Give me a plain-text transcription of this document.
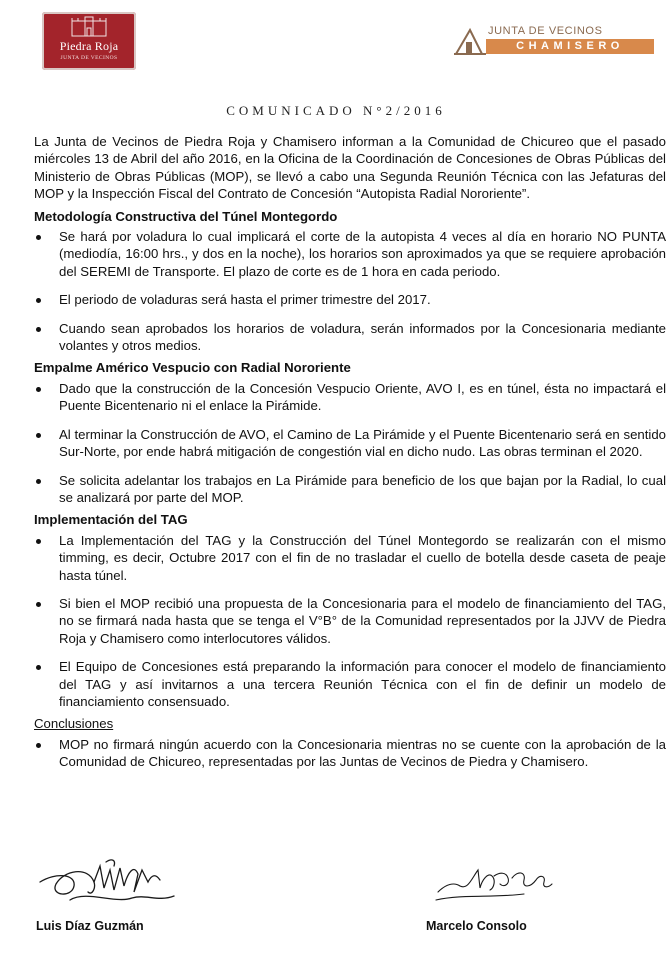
Piedra Roja
JUNTA DE VECINOS
JUNTA DE VECINOS
CHAMISERO
COMUNICADO N°2/2016

La Junta de Vecinos de Piedra Roja y Chamisero informan a la Comunidad de Chicureo que el pasado miércoles 13 de Abril del año 2016, en la Oficina de la Coordinación de Concesiones de Obras Públicas del Ministerio de Obras Públicas (MOP), se llevó a cabo una Segunda Reunión Técnica con las Jefaturas del MOP y la Inspección Fiscal del Contrato de Concesión “Autopista Radial Nororiente”.

Metodología Constructiva del Túnel Montegordo
Se hará por voladura lo cual implicará el corte de la autopista 4 veces al día en horario NO PUNTA (mediodía, 16:00 hrs., y dos en la noche), los horarios son aproximados ya que se requiere aprobación del SEREMI de Transporte. El plazo de corte es de 1 hora en cada periodo.
El periodo de voladuras será hasta el primer trimestre del 2017.
Cuando sean aprobados los horarios de voladura, serán informados por la Concesionaria mediante volantes y otros medios.
Empalme Américo Vespucio con Radial Nororiente
Dado que la construcción de la Concesión Vespucio Oriente, AVO I, es en túnel, ésta no impactará el Puente Bicentenario ni el enlace la Pirámide.
Al terminar la Construcción de AVO, el Camino de La Pirámide y el Puente Bicentenario será en sentido Sur-Norte, por ende habrá mitigación de congestión vial en dicho nudo. Las obras terminan el 2020.
Se solicita adelantar los trabajos en La Pirámide para beneficio de los que bajan por la Radial, lo cual se analizará por parte del MOP.
Implementación del TAG
La Implementación del TAG y la Construcción del Túnel Montegordo se realizarán con el mismo timming, es decir, Octubre 2017 con el fin de no trasladar el cuello de botella desde caseta de peaje hasta túnel.
Si bien el MOP recibió una propuesta de la Concesionaria para el modelo de financiamiento del TAG, no se firmará nada hasta que se tenga el V°B° de la Comunidad representados por la JJVV de Piedra Roja y Chamisero como interlocutores válidos.
El Equipo de Concesiones está preparando la información para conocer el modelo de financiamiento del TAG y así invitarnos a una tercera Reunión Técnica con el fin de definir un modelo de financiamiento consensuado.
Conclusiones
MOP no firmará ningún acuerdo con la Concesionaria mientras no se cuente con la aprobación de la Comunidad de Chicureo, representadas por las Juntas de Vecinos de Piedra y Chamisero.
Luis Díaz Guzmán	Marcelo Consolo
